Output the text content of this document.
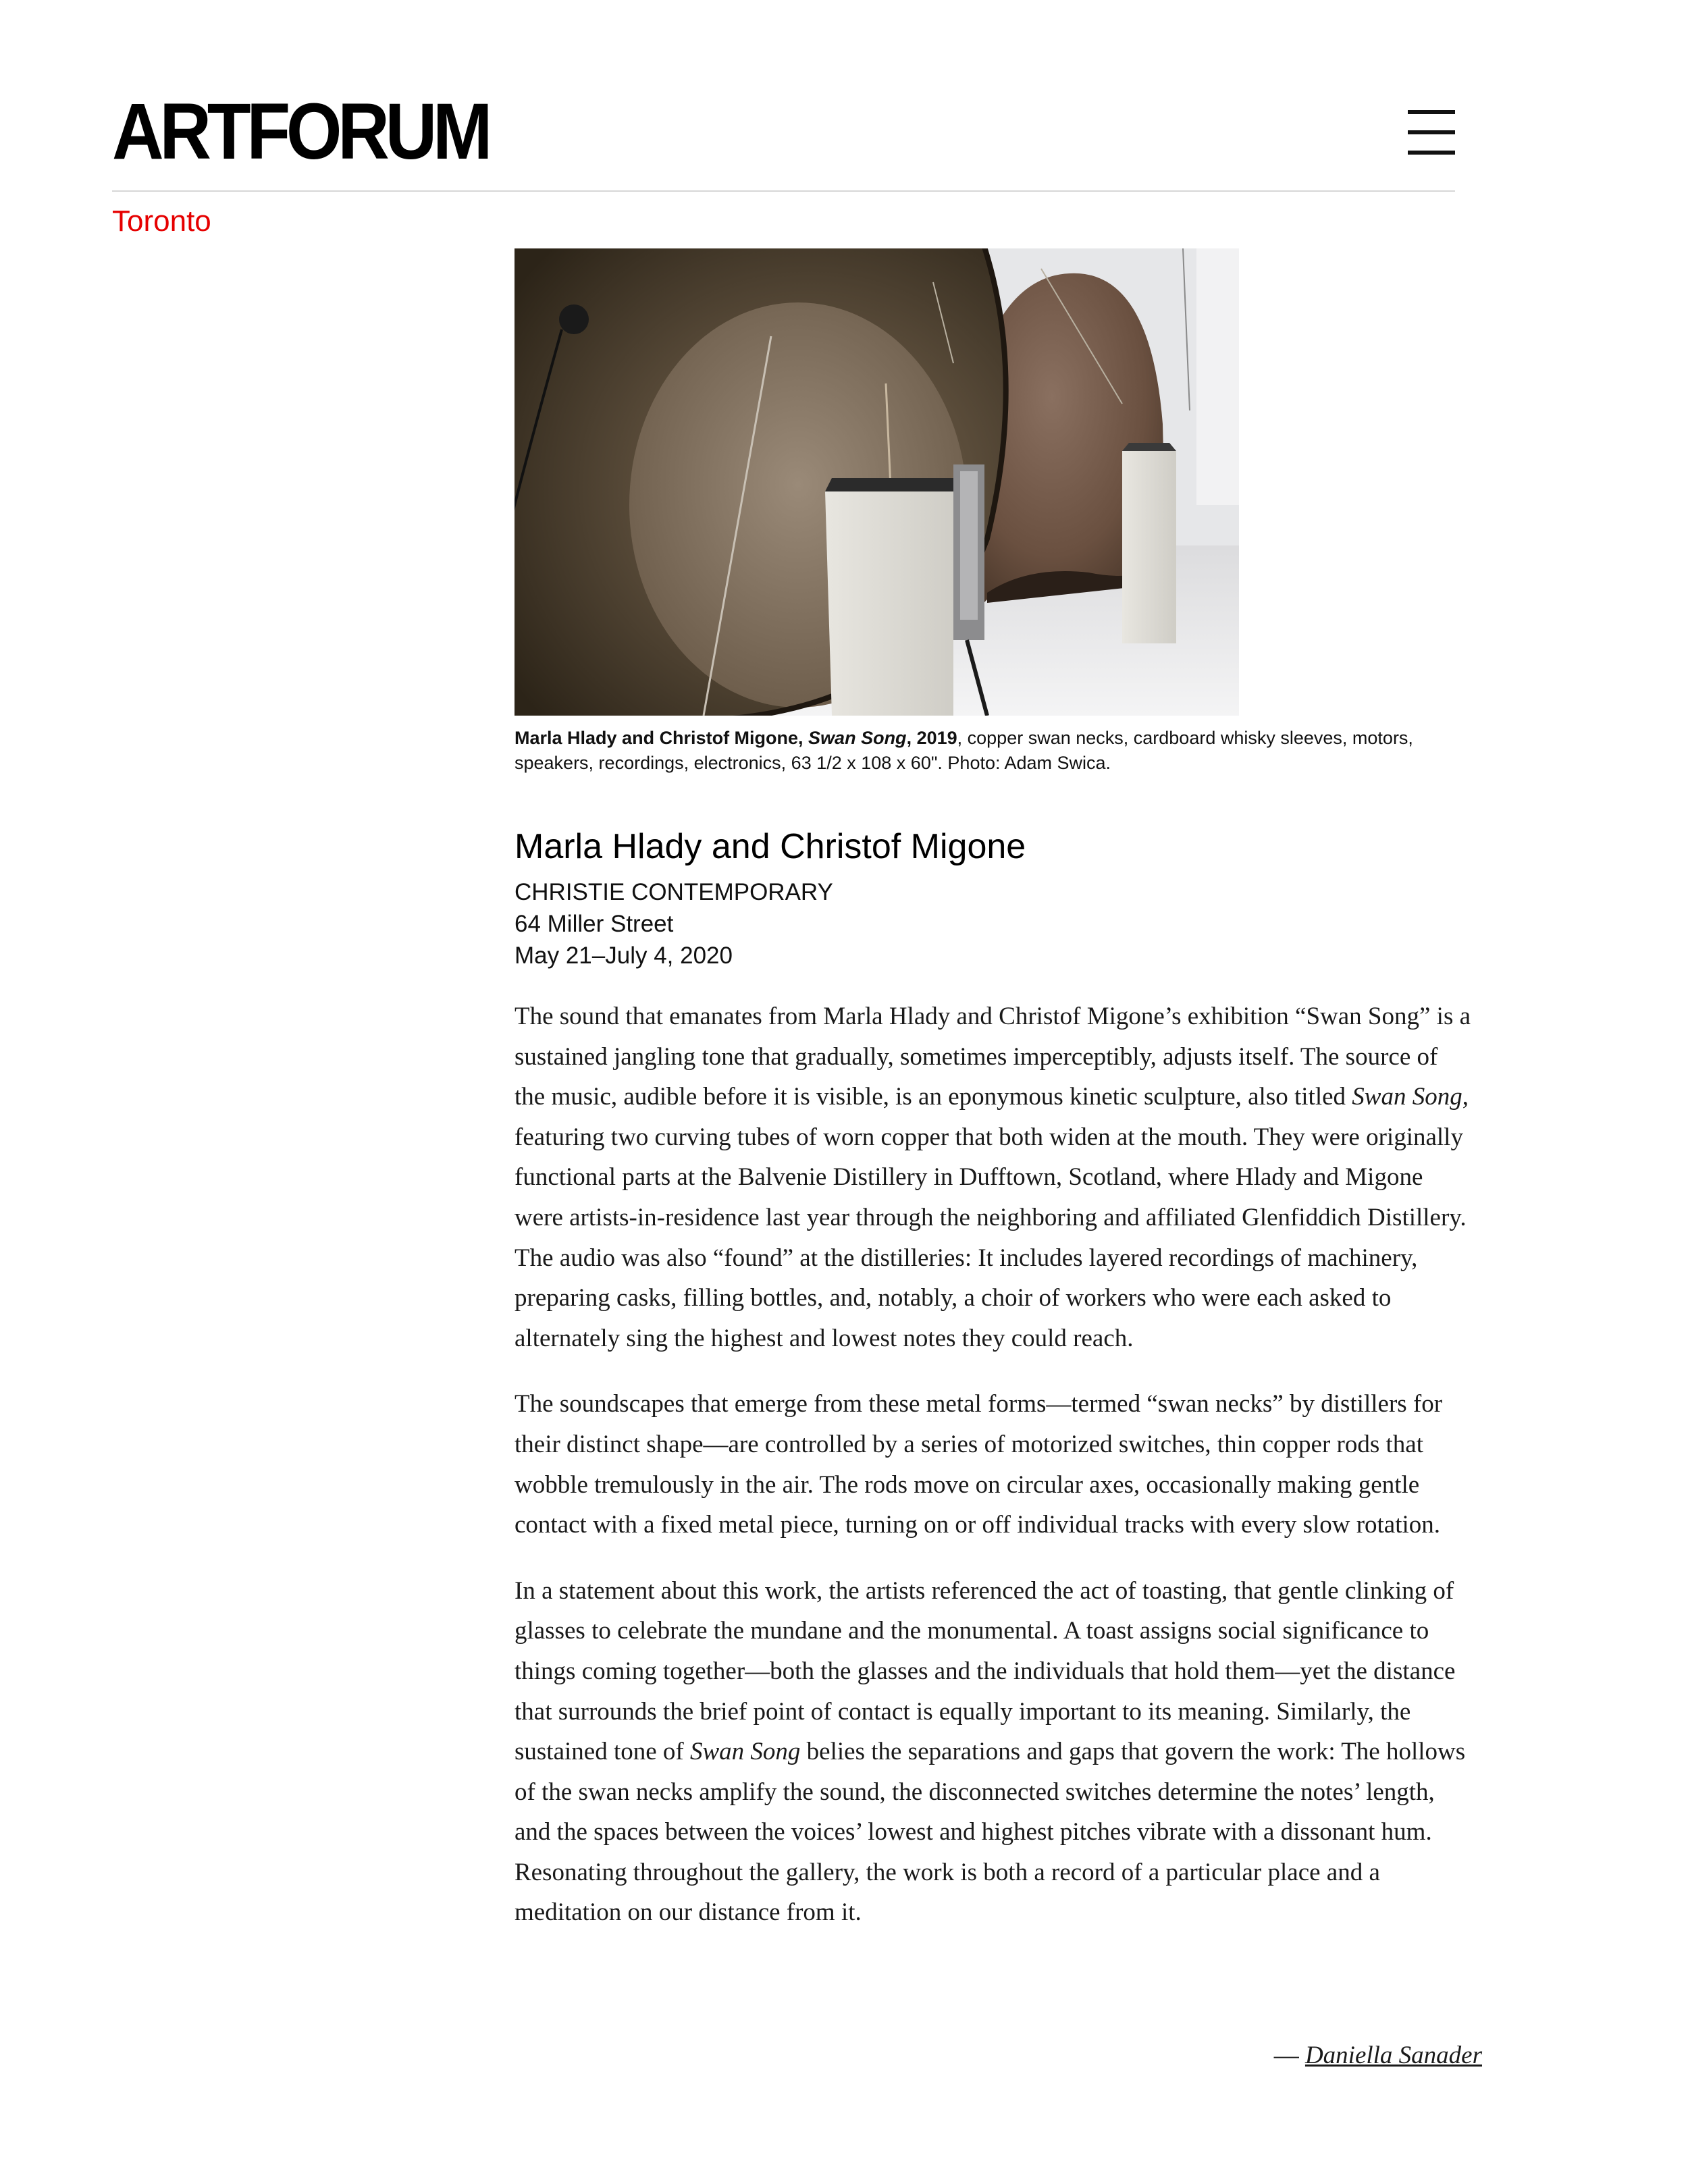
ARTFORUM
Toronto
Marla Hlady and Christof Migone, Swan Song, 2019, copper swan necks, cardboard whisky sleeves, motors, speakers, recordings, electronics, 63 1/2 x 108 x 60". Photo: Adam Swica.
Marla Hlady and Christof Migone
CHRISTIE CONTEMPORARY
64 Miller Street
May 21–July 4, 2020

The sound that emanates from Marla Hlady and Christof Migone’s exhibition “Swan Song” is a sustained jangling tone that gradually, sometimes imperceptibly, adjusts itself. The source of the music, audible before it is visible, is an eponymous kinetic sculpture, also titled Swan Song, featuring two curving tubes of worn copper that both widen at the mouth. They were originally functional parts at the Balvenie Distillery in Dufftown, Scotland, where Hlady and Migone were artists-in-residence last year through the neighboring and affiliated Glenfiddich Distillery. The audio was also “found” at the distilleries: It includes layered recordings of machinery, preparing casks, filling bottles, and, notably, a choir of workers who were each asked to alternately sing the highest and lowest notes they could reach.

The soundscapes that emerge from these metal forms—termed “swan necks” by distillers for their distinct shape—are controlled by a series of motorized switches, thin copper rods that wobble tremulously in the air. The rods move on circular axes, occasionally making gentle contact with a fixed metal piece, turning on or off individual tracks with every slow rotation.

In a statement about this work, the artists referenced the act of toasting, that gentle clinking of glasses to celebrate the mundane and the monumental. A toast assigns social significance to things coming together—both the glasses and the individuals that hold them—yet the distance that surrounds the brief point of contact is equally important to its meaning. Similarly, the sustained tone of Swan Song belies the separations and gaps that govern the work: The hollows of the swan necks amplify the sound, the disconnected switches determine the notes’ length, and the spaces between the voices’ lowest and highest pitches vibrate with a dissonant hum. Resonating throughout the gallery, the work is both a record of a particular place and a meditation on our distance from it.

— Daniella Sanader
